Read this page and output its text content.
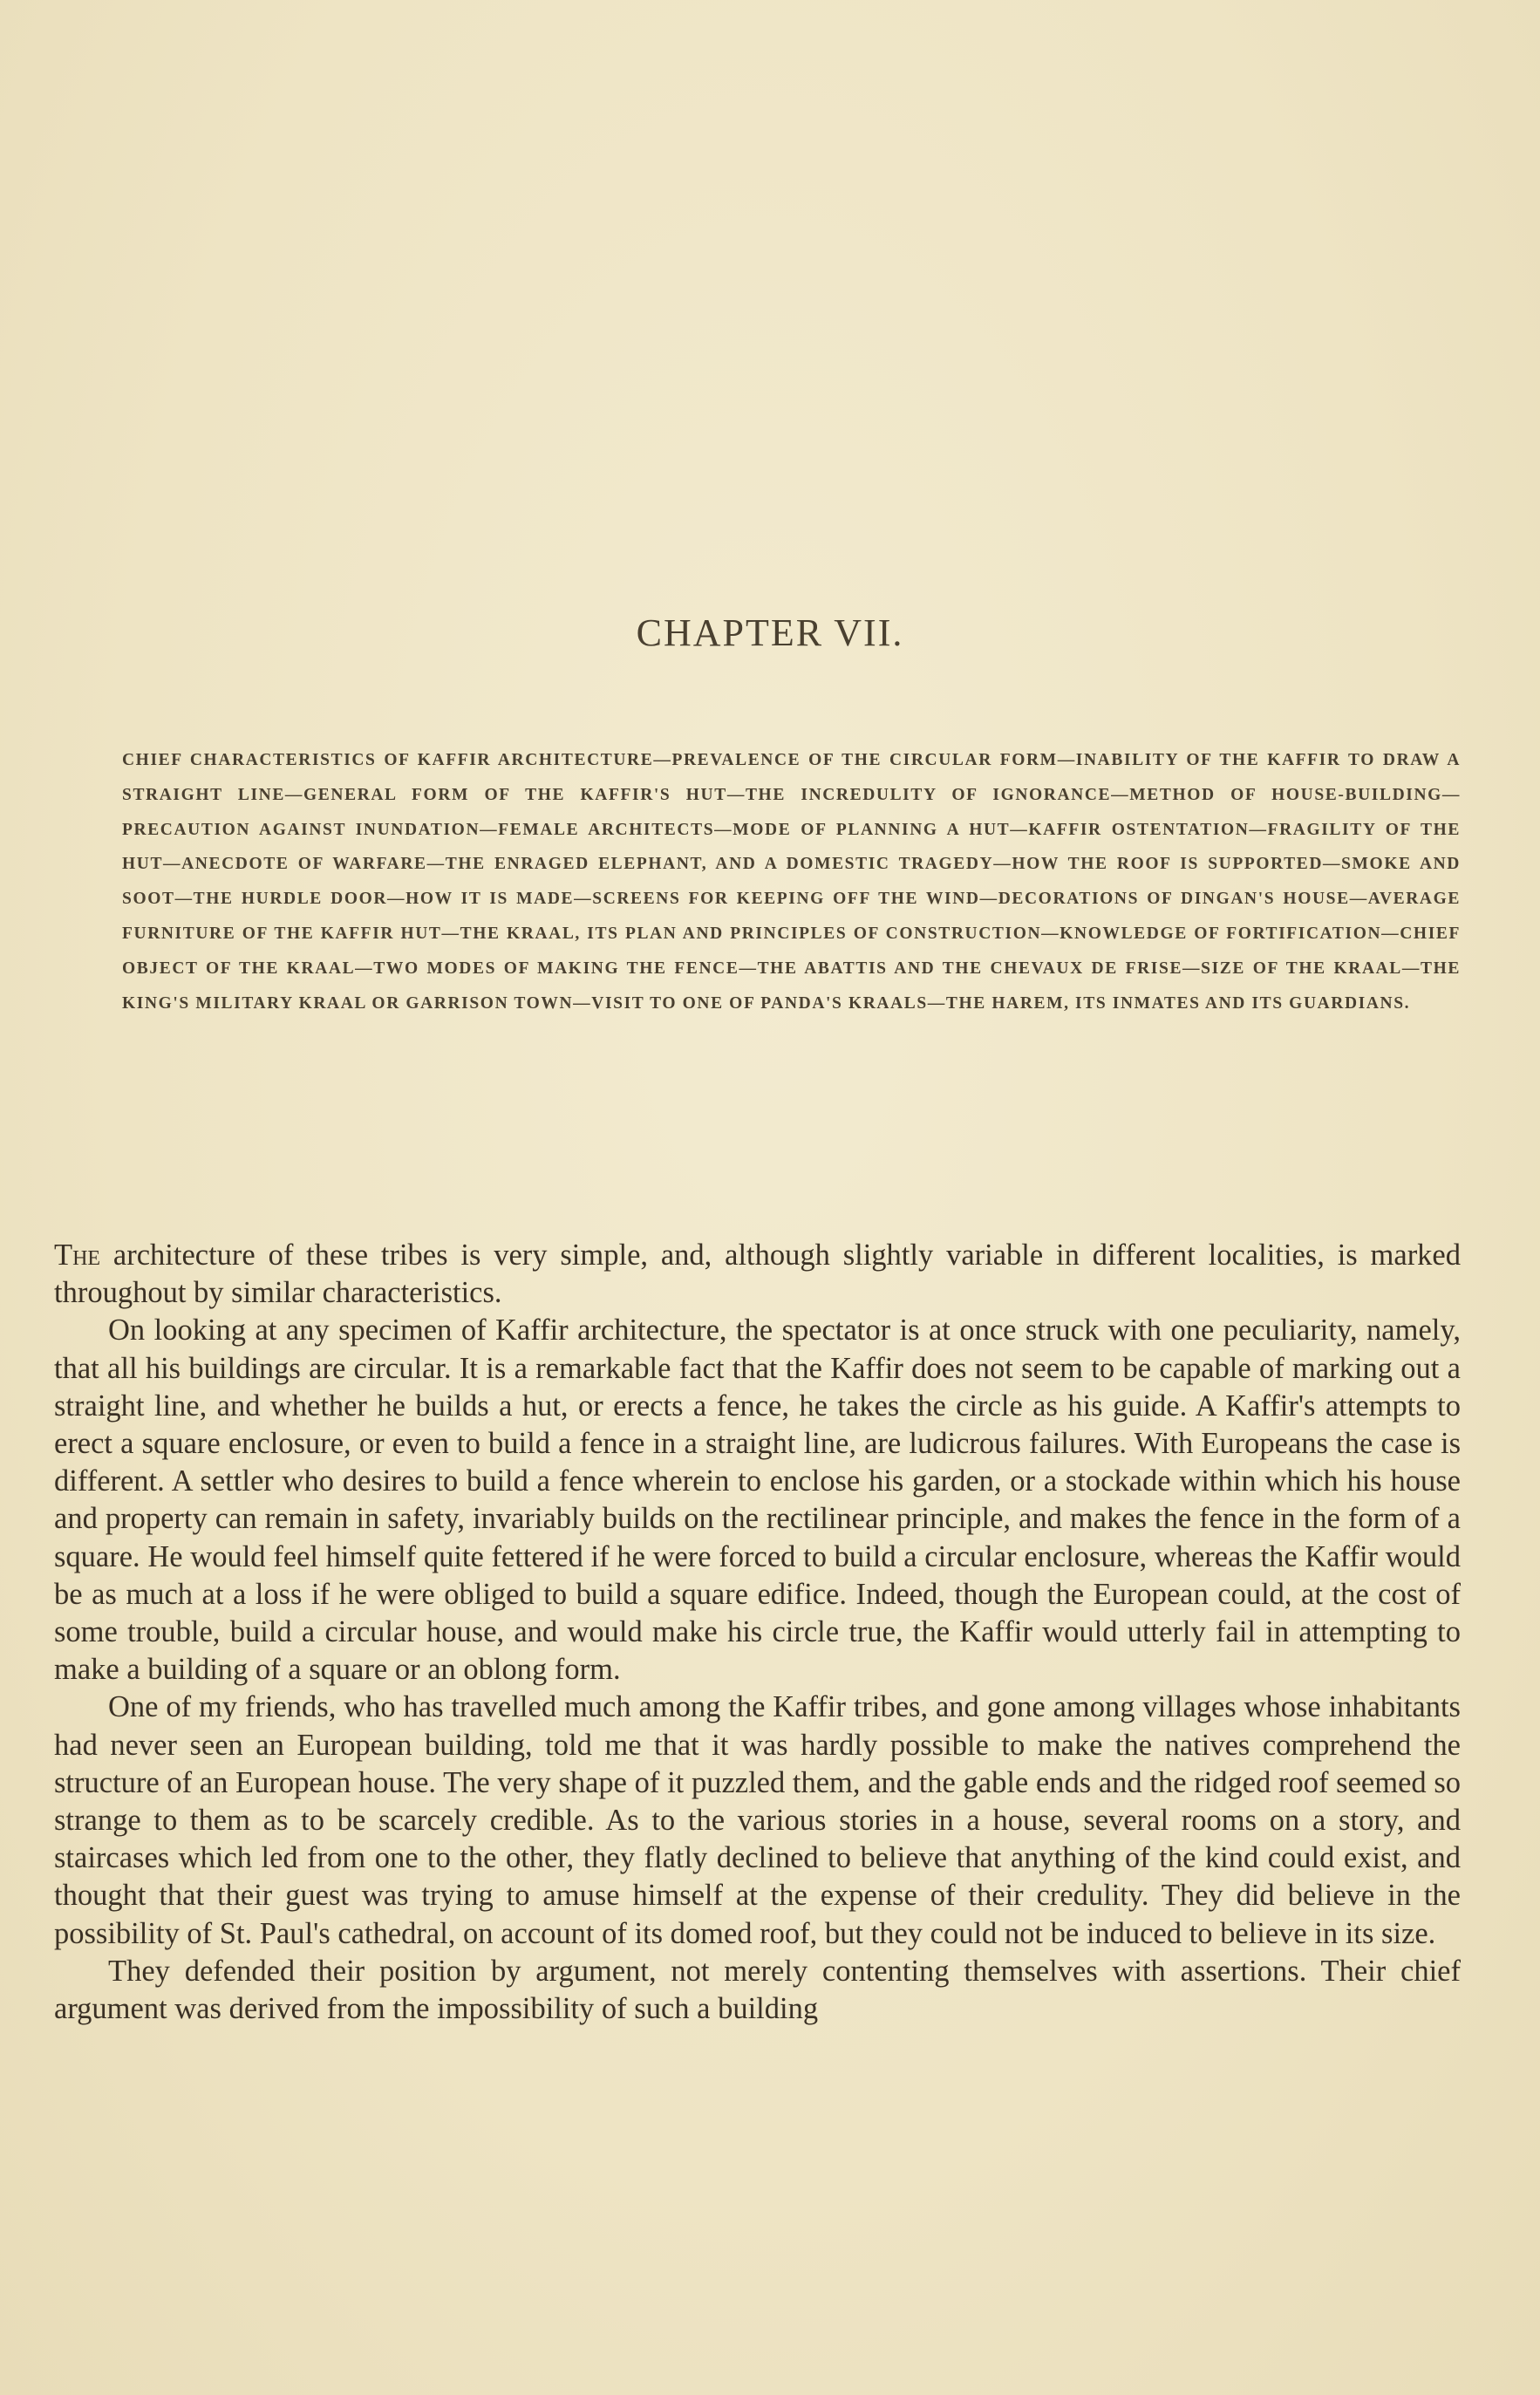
CHAPTER VII.

CHIEF CHARACTERISTICS OF KAFFIR ARCHITECTURE—PREVALENCE OF THE CIRCULAR FORM—INABILITY OF THE KAFFIR TO DRAW A STRAIGHT LINE—GENERAL FORM OF THE KAFFIR'S HUT—THE INCREDULITY OF IGNORANCE—METHOD OF HOUSE-BUILDING—PRECAUTION AGAINST INUNDATION—FEMALE ARCHITECTS—MODE OF PLANNING A HUT—KAFFIR OSTENTATION—FRAGILITY OF THE HUT—ANECDOTE OF WARFARE—THE ENRAGED ELEPHANT, AND A DOMESTIC TRAGEDY—HOW THE ROOF IS SUPPORTED—SMOKE AND SOOT—THE HURDLE DOOR—HOW IT IS MADE—SCREENS FOR KEEPING OFF THE WIND—DECORATIONS OF DINGAN'S HOUSE—AVERAGE FURNITURE OF THE KAFFIR HUT—THE KRAAL, ITS PLAN AND PRINCIPLES OF CONSTRUCTION—KNOWLEDGE OF FORTIFICATION—CHIEF OBJECT OF THE KRAAL—TWO MODES OF MAKING THE FENCE—THE ABATTIS AND THE CHEVAUX DE FRISE—SIZE OF THE KRAAL—THE KING'S MILITARY KRAAL OR GARRISON TOWN—VISIT TO ONE OF PANDA'S KRAALS—THE HAREM, ITS INMATES AND ITS GUARDIANS.

The architecture of these tribes is very simple, and, although slightly variable in different localities, is marked throughout by similar characteristics.

On looking at any specimen of Kaffir architecture, the spectator is at once struck with one peculiarity, namely, that all his buildings are circular. It is a remarkable fact that the Kaffir does not seem to be capable of marking out a straight line, and whether he builds a hut, or erects a fence, he takes the circle as his guide. A Kaffir's attempts to erect a square enclosure, or even to build a fence in a straight line, are ludicrous failures. With Europeans the case is different. A settler who desires to build a fence wherein to enclose his garden, or a stockade within which his house and property can remain in safety, invariably builds on the rectilinear principle, and makes the fence in the form of a square. He would feel himself quite fettered if he were forced to build a circular enclosure, whereas the Kaffir would be as much at a loss if he were obliged to build a square edifice. Indeed, though the European could, at the cost of some trouble, build a circular house, and would make his circle true, the Kaffir would utterly fail in attempting to make a building of a square or an oblong form.

One of my friends, who has travelled much among the Kaffir tribes, and gone among villages whose inhabitants had never seen an European building, told me that it was hardly possible to make the natives comprehend the structure of an European house. The very shape of it puzzled them, and the gable ends and the ridged roof seemed so strange to them as to be scarcely credible. As to the various stories in a house, several rooms on a story, and staircases which led from one to the other, they flatly declined to believe that anything of the kind could exist, and thought that their guest was trying to amuse himself at the expense of their credulity. They did believe in the possibility of St. Paul's cathedral, on account of its domed roof, but they could not be induced to believe in its size.

They defended their position by argument, not merely contenting themselves with assertions. Their chief argument was derived from the impossibility of such a building
